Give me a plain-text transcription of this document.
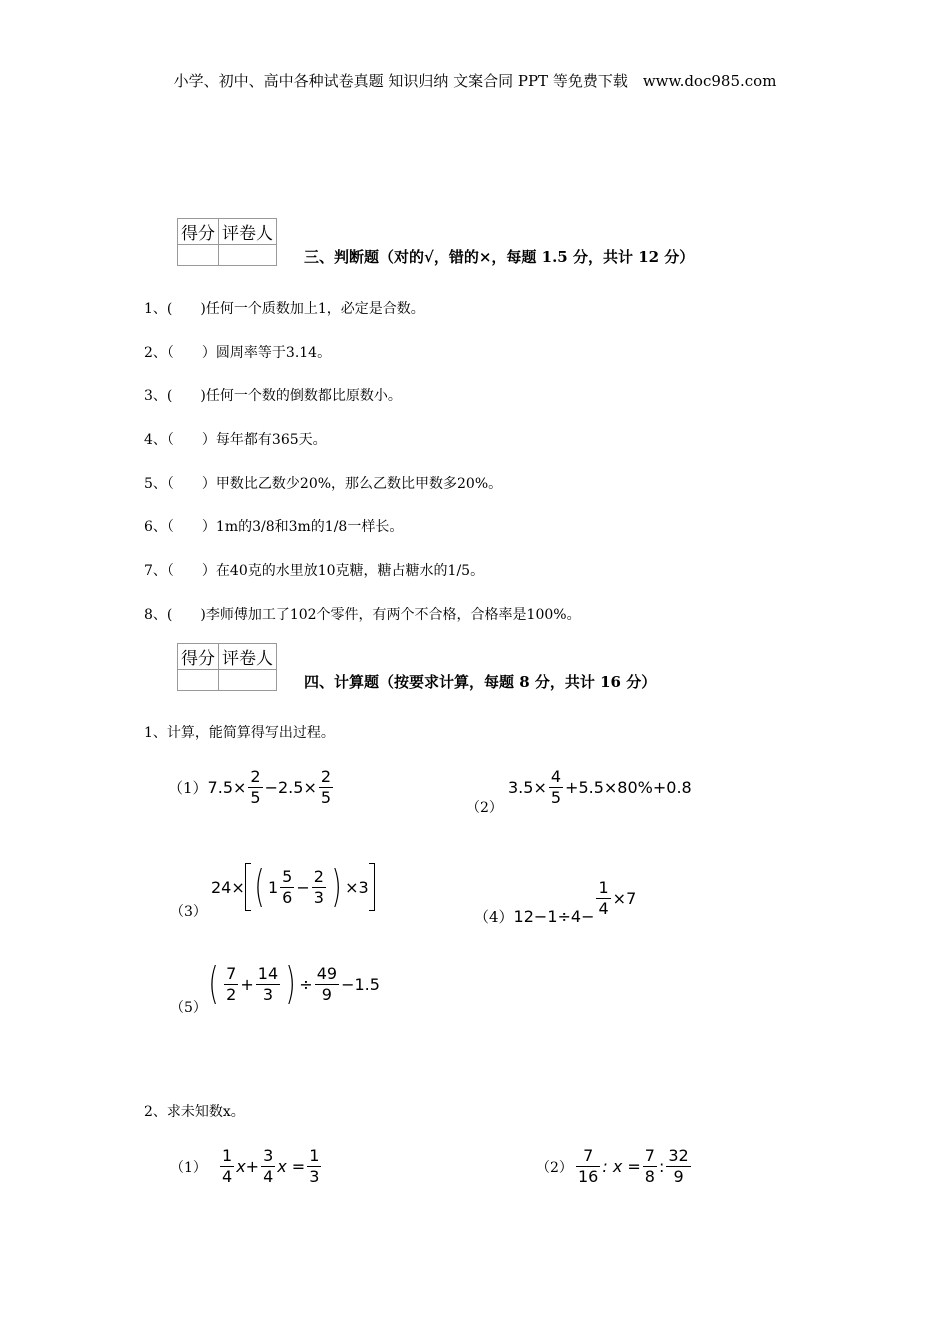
小学、初中、高中各种试卷真题 知识归纳 文案合同 PPT 等免费下载　www.doc985.com
得分	评卷人

三、判断题（对的√，错的×，每题 1.5 分，共计 12 分）
1、(　　)任何一个质数加上1，必定是合数。
2、（　　）圆周率等于3.14。
3、(　　)任何一个数的倒数都比原数小。
4、（　　）每年都有365天。
5、（　　）甲数比乙数少20%，那么乙数比甲数多20%。
6、（　　）1m的3/8和3m的1/8一样长。
7、（　　）在40克的水里放10克糖，糖占糖水的1/5。
8、(　　)李师傅加工了102个零件，有两个不合格，合格率是100%。
得分	评卷人

四、计算题（按要求计算，每题 8 分，共计 16 分）
1、计算，能简算得写出过程。
（1） $7.5\times \frac{2}{5} -2.5\times \frac{2}{5}$	（2）
$3.5\times \frac{4}{5} +5.5\times 80\%+0.8$
（3）
24× ( $1 \frac{5}{6} - \frac{2}{3}$ ) ×3
（4） $12-1\div 4- \frac{1}{4} \times 7$
（5） ( $\frac{7}{2} + \frac{14}{3}$ ) ÷ $\frac{49}{9} -1.5$
2、求未知数x。
$(1) \frac{1}{4} x+ \frac{3}{4}$ $x = \frac{1}{3}$	$(2) \frac{7}{16}$ : $x = \frac{7}{8}$ : $\frac{32}{9}$
